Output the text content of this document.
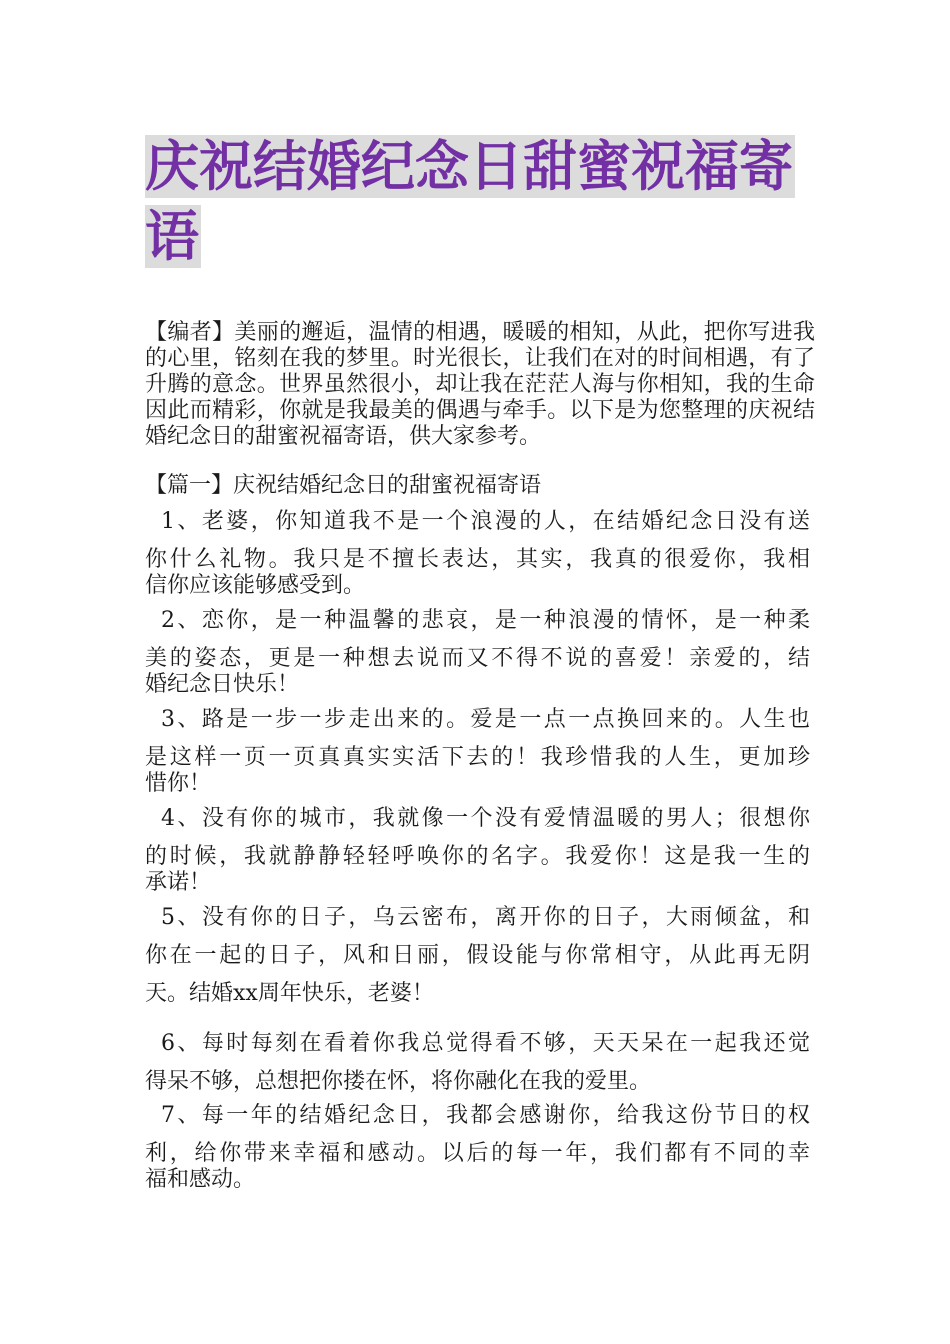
庆祝结婚纪念日甜蜜祝福寄语

【编者】美丽的邂逅，温情的相遇，暖暖的相知，从此，把你写进我的心里，铭刻在我的梦里。时光很长，让我们在对的时间相遇，有了升腾的意念。世界虽然很小，却让我在茫茫人海与你相知，我的生命因此而精彩，你就是我最美的偶遇与牵手。以下是为您整理的庆祝结婚纪念日的甜蜜祝福寄语，供大家参考。

【篇一】庆祝结婚纪念日的甜蜜祝福寄语

1、老婆，你知道我不是一个浪漫的人，在结婚纪念日没有送
你什么礼物。我只是不擅长表达，其实，我真的很爱你，我相
信你应该能够感受到。
2、恋你，是一种温馨的悲哀，是一种浪漫的情怀，是一种柔
美的姿态，更是一种想去说而又不得不说的喜爱！亲爱的，结
婚纪念日快乐！
3、路是一步一步走出来的。爱是一点一点换回来的。人生也
是这样一页一页真真实实活下去的！我珍惜我的人生，更加珍
惜你！
4、没有你的城市，我就像一个没有爱情温暖的男人；很想你
的时候，我就静静轻轻呼唤你的名字。我爱你！这是我一生的
承诺！
5、没有你的日子，乌云密布，离开你的日子，大雨倾盆，和
你在一起的日子，风和日丽，假设能与你常相守，从此再无阴
天。结婚xx周年快乐，老婆！
6、每时每刻在看着你我总觉得看不够，天天呆在一起我还觉
得呆不够，总想把你搂在怀，将你融化在我的爱里。
7、每一年的结婚纪念日，我都会感谢你，给我这份节日的权
利，给你带来幸福和感动。以后的每一年，我们都有不同的幸
福和感动。
